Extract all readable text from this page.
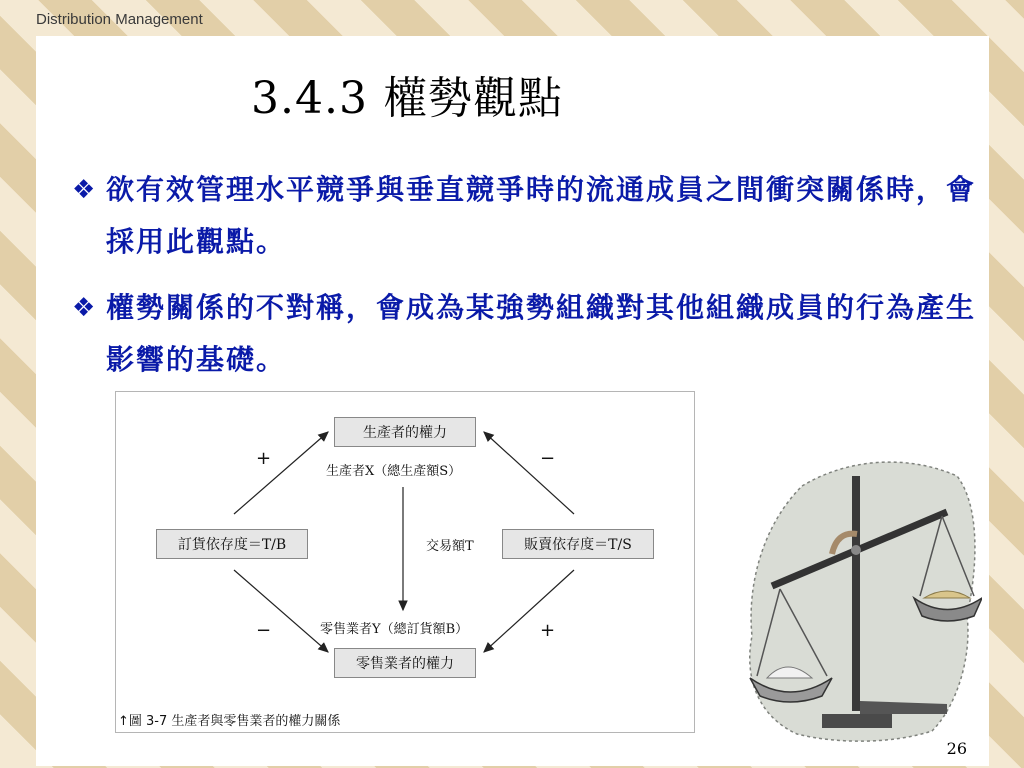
Distribution Management
3.4.3 權勢觀點
❖ 欲有效管理水平競爭與垂直競爭時的流通成員之間衝突關係時，會採用此觀點。
❖ 權勢關係的不對稱，會成為某強勢組織對其他組織成員的行為產生影響的基礎。
生產者的權力
生產者X（總生產額S）
訂貨依存度＝T/B	交易額T	販賣依存度＝T/S
零售業者Y（總訂貨額B）
零售業者的權力
+	−
−	+
↑圖 3-7 生產者與零售業者的權力關係
26
